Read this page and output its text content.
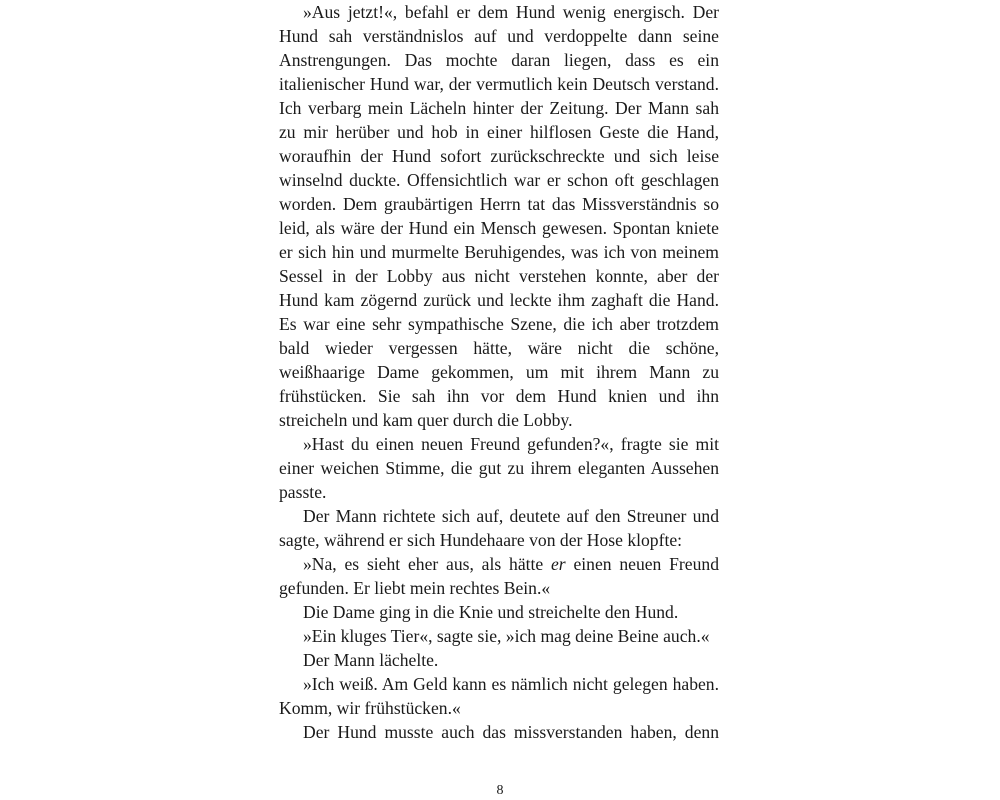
»Aus jetzt!«, befahl er dem Hund wenig energisch. Der Hund sah verständnislos auf und verdoppelte dann seine Anstrengungen. Das mochte daran liegen, dass es ein italienischer Hund war, der vermutlich kein Deutsch verstand. Ich verbarg mein Lächeln hinter der Zeitung. Der Mann sah zu mir herüber und hob in einer hilflosen Geste die Hand, woraufhin der Hund sofort zurückschreckte und sich leise winselnd duckte. Offensichtlich war er schon oft geschlagen worden. Dem graubärtigen Herrn tat das Missverständnis so leid, als wäre der Hund ein Mensch gewesen. Spontan kniete er sich hin und murmelte Beruhigendes, was ich von meinem Sessel in der Lobby aus nicht verstehen konnte, aber der Hund kam zögernd zurück und leckte ihm zaghaft die Hand. Es war eine sehr sympathische Szene, die ich aber trotzdem bald wieder vergessen hätte, wäre nicht die schöne, weißhaarige Dame gekommen, um mit ihrem Mann zu frühstücken. Sie sah ihn vor dem Hund knien und ihn streicheln und kam quer durch die Lobby.

»Hast du einen neuen Freund gefunden?«, fragte sie mit einer weichen Stimme, die gut zu ihrem eleganten Aussehen passte.

Der Mann richtete sich auf, deutete auf den Streuner und sagte, während er sich Hundehaare von der Hose klopfte:

»Na, es sieht eher aus, als hätte er einen neuen Freund gefunden. Er liebt mein rechtes Bein.«

Die Dame ging in die Knie und streichelte den Hund.

»Ein kluges Tier«, sagte sie, »ich mag deine Beine auch.«

Der Mann lächelte.

»Ich weiß. Am Geld kann es nämlich nicht gelegen haben. Komm, wir frühstücken.«

Der Hund musste auch das missverstanden haben, denn

8
